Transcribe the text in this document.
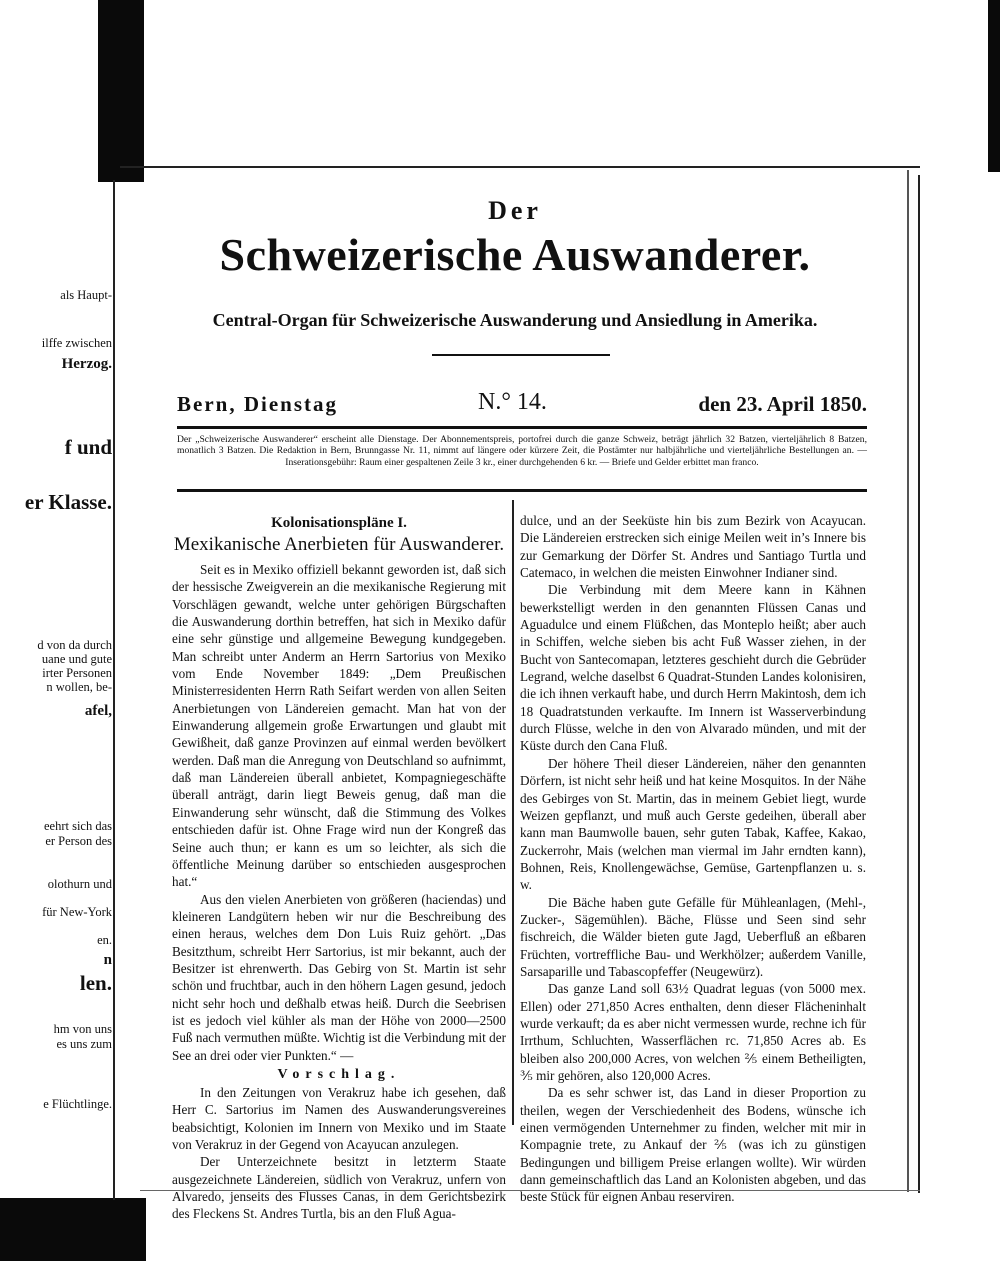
als Haupt-
ilffe zwischen
Herzog.
f und
er Klasse.
d von da durch
uane und gute
irter Personen
n wollen, be-
afel,
eehrt sich das
er Person des
olothurn und
für New-York
en.
n
len.
hm von uns
es uns zum
e Flüchtlinge.
Der
Schweizerische Auswanderer.
Central-Organ für Schweizerische Auswanderung und Ansiedlung in Amerika.
Bern, Dienstag	N.° 14.	den 23. April 1850.
Der „Schweizerische Auswanderer“ erscheint alle Dienstage. Der Abonnementspreis, portofrei durch die ganze Schweiz, beträgt jährlich 32 Batzen, vierteljährlich 8 Batzen, monatlich 3 Batzen. Die Redaktion in Bern, Brunngasse Nr. 11, nimmt auf längere oder kürzere Zeit, die Postämter nur halbjährliche und vierteljährliche Bestellungen an. — Inserationsgebühr: Raum einer gespaltenen Zeile 3 kr., einer durchgehenden 6 kr. — Briefe und Gelder erbittet man franco.
Kolonisationspläne I.
Mexikanische Anerbieten für Auswanderer.

Seit es in Mexiko offiziell bekannt geworden ist, daß sich der hessische Zweigverein an die mexikanische Regierung mit Vorschlägen gewandt, welche unter gehörigen Bürgschaften die Auswanderung dorthin betreffen, hat sich in Mexiko dafür eine sehr günstige und allgemeine Bewegung kundgegeben. Man schreibt unter Anderm an Herrn Sartorius von Mexiko vom Ende November 1849: „Dem Preußischen Ministerresidenten Herrn Rath Seifart werden von allen Seiten Anerbietungen von Ländereien gemacht. Man hat von der Einwanderung allgemein große Erwartungen und glaubt mit Gewißheit, daß ganze Provinzen auf einmal werden bevölkert werden. Daß man die Anregung von Deutschland so aufnimmt, daß man Ländereien überall anbietet, Kompagniegeschäfte überall anträgt, darin liegt Beweis genug, daß man die Einwanderung sehr wünscht, daß die Stimmung des Volkes entschieden dafür ist. Ohne Frage wird nun der Kongreß das Seine auch thun; er kann es um so leichter, als sich die öffentliche Meinung darüber so entschieden ausgesprochen hat.“

Aus den vielen Anerbieten von größeren (haciendas) und kleineren Landgütern heben wir nur die Beschreibung des einen heraus, welches dem Don Luis Ruiz gehört. „Das Besitzthum, schreibt Herr Sartorius, ist mir bekannt, auch der Besitzer ist ehrenwerth. Das Gebirg von St. Martin ist sehr schön und fruchtbar, auch in den höhern Lagen gesund, jedoch nicht sehr hoch und deßhalb etwas heiß. Durch die Seebrisen ist es jedoch viel kühler als man der Höhe von 2000—2500 Fuß nach vermuthen müßte. Wichtig ist die Verbindung mit der See an drei oder vier Punkten.“ —

Vorschlag.

In den Zeitungen von Verakruz habe ich gesehen, daß Herr C. Sartorius im Namen des Auswanderungsvereines beabsichtigt, Kolonien im Innern von Mexiko und im Staate von Verakruz in der Gegend von Acayucan anzulegen.

Der Unterzeichnete besitzt in letzterm Staate ausgezeichnete Ländereien, südlich von Verakruz, unfern von Alvaredo, jenseits des Flusses Canas, in dem Gerichtsbezirk des Fleckens St. Andres Turtla, bis an den Fluß Agua-

dulce, und an der Seeküste hin bis zum Bezirk von Acayucan. Die Ländereien erstrecken sich einige Meilen weit in’s Innere bis zur Gemarkung der Dörfer St. Andres und Santiago Turtla und Catemaco, in welchen die meisten Einwohner Indianer sind.

Die Verbindung mit dem Meere kann in Kähnen bewerkstelligt werden in den genannten Flüssen Canas und Aguadulce und einem Flüßchen, das Monteplo heißt; aber auch in Schiffen, welche sieben bis acht Fuß Wasser ziehen, in der Bucht von Santecomapan, letzteres geschieht durch die Gebrüder Legrand, welche daselbst 6 Quadrat-Stunden Landes kolonisiren, die ich ihnen verkauft habe, und durch Herrn Makintosh, dem ich 18 Quadratstunden verkaufte. Im Innern ist Wasserverbindung durch Flüsse, welche in den von Alvarado münden, und mit der Küste durch den Cana Fluß.

Der höhere Theil dieser Ländereien, näher den genannten Dörfern, ist nicht sehr heiß und hat keine Mosquitos. In der Nähe des Gebirges von St. Martin, das in meinem Gebiet liegt, wurde Weizen gepflanzt, und muß auch Gerste gedeihen, überall aber kann man Baumwolle bauen, sehr guten Tabak, Kaffee, Kakao, Zuckerrohr, Mais (welchen man viermal im Jahr erndten kann), Bohnen, Reis, Knollengewächse, Gemüse, Gartenpflanzen u. s. w.

Die Bäche haben gute Gefälle für Mühleanlagen, (Mehl-, Zucker-, Sägemühlen). Bäche, Flüsse und Seen sind sehr fischreich, die Wälder bieten gute Jagd, Ueberfluß an eßbaren Früchten, vortreffliche Bau- und Werkhölzer; außerdem Vanille, Sarsaparille und Tabascopfeffer (Neugewürz).

Das ganze Land soll 63½ Quadrat leguas (von 5000 mex. Ellen) oder 271,850 Acres enthalten, denn dieser Flächeninhalt wurde verkauft; da es aber nicht vermessen wurde, rechne ich für Irrthum, Schluchten, Wasserflächen rc. 71,850 Acres ab. Es bleiben also 200,000 Acres, von welchen ⅖ einem Betheiligten, ⅗ mir gehören, also 120,000 Acres.

Da es sehr schwer ist, das Land in dieser Proportion zu theilen, wegen der Verschiedenheit des Bodens, wünsche ich einen vermögenden Unternehmer zu finden, welcher mit mir in Kompagnie trete, zu Ankauf der ⅖ (was ich zu günstigen Bedingungen und billigem Preise erlangen wollte). Wir würden dann gemeinschaftlich das Land an Kolonisten abgeben, und das beste Stück für eignen Anbau reserviren.
